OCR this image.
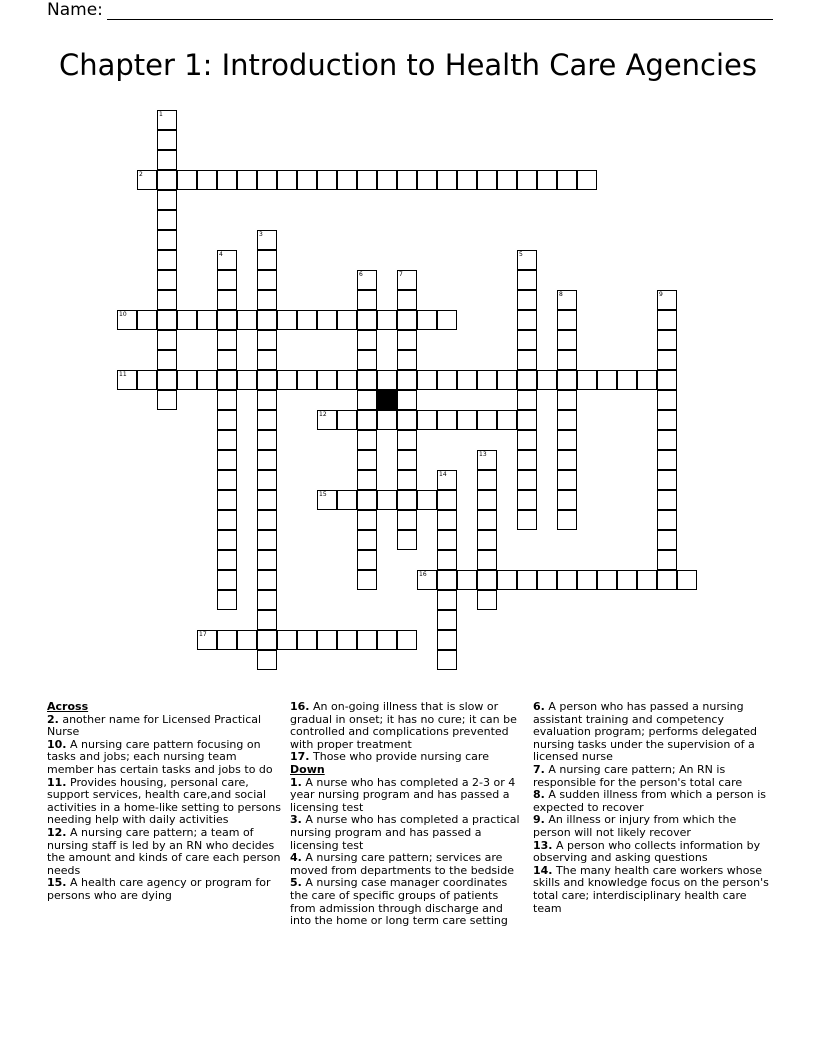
Name:
Chapter 1: Introduction to Health Care Agencies
1
2
3
4	5
6	7
8	9
10
11
12
13
14
15
16
17
Across

2. another name for Licensed Practical Nurse

10. A nursing care pattern focusing on tasks and jobs; each nursing team member has certain tasks and jobs to do

11. Provides housing, personal care, support services, health care,and social activities in a home-like setting to persons needing help with daily activities

12. A nursing care pattern; a team of nursing staff is led by an RN who decides the amount and kinds of care each person needs

15. A health care agency or program for persons who are dying

16. An on-going illness that is slow or gradual in onset; it has no cure; it can be controlled and complications prevented with proper treatment

17. Those who provide nursing care

Down

1. A nurse who has completed a 2-3 or 4 year nursing program and has passed a licensing test

3. A nurse who has completed a practical nursing program and has passed a licensing test

4. A nursing care pattern; services are moved from departments to the bedside

5. A nursing case manager coordinates the care of specific groups of patients from admission through discharge and into the home or long term care setting

6. A person who has passed a nursing assistant training and competency evaluation program; performs delegated nursing tasks under the supervision of a licensed nurse

7. A nursing care pattern; An RN is responsible for the person's total care

8. A sudden illness from which a person is expected to recover

9. An illness or injury from which the person will not likely recover

13. A person who collects information by observing and asking questions

14. The many health care workers whose skills and knowledge focus on the person's total care; interdisciplinary health care team
